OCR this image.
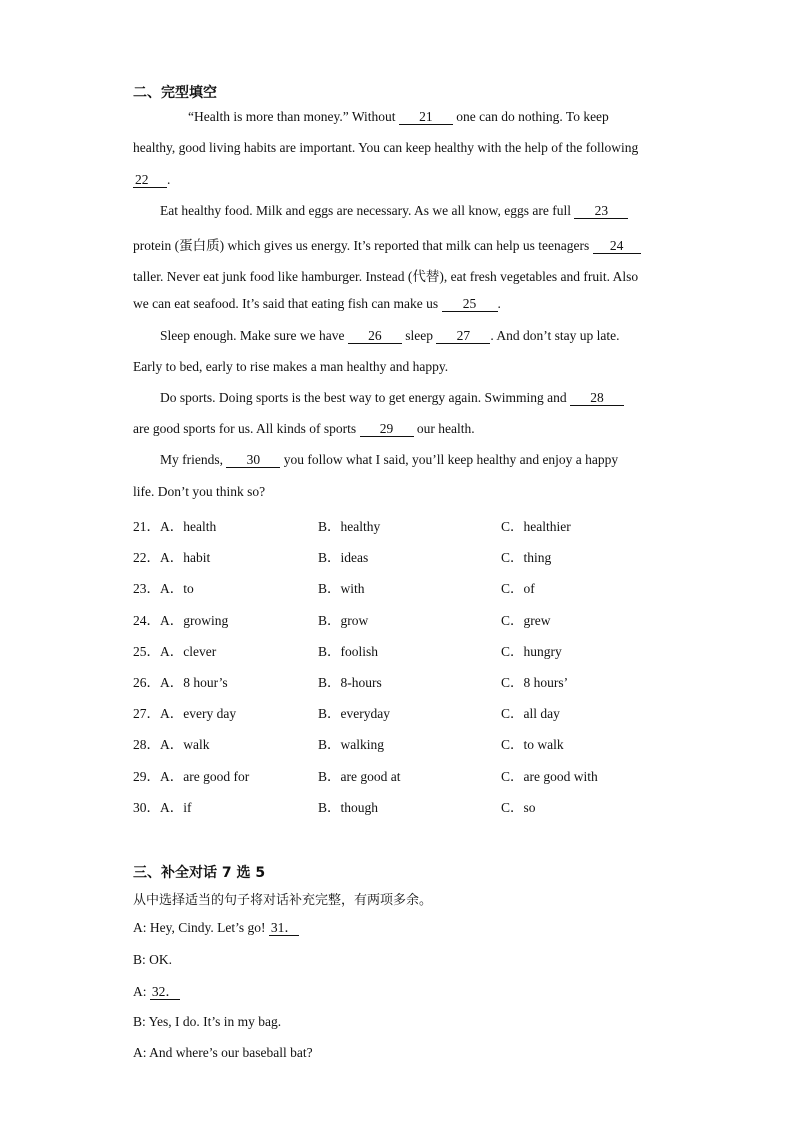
二、完型填空
“Health is more than money.” Without 21 one can do nothing. To keep
healthy, good living habits are important. You can keep healthy with the help of the following
22 .
Eat healthy food. Milk and eggs are necessary. As we all know, eggs are full 23
protein (蛋白质) which gives us energy. It’s reported that milk can help us teenagers 24
taller. Never eat junk food like hamburger. Instead (代替), eat fresh vegetables and fruit. Also
we can eat seafood. It’s said that eating fish can make us 25 .
Sleep enough. Make sure we have 26 sleep 27 . And don’t stay up late.
Early to bed, early to rise makes a man healthy and happy.
Do sports. Doing sports is the best way to get energy again. Swimming and 28
are good sports for us. All kinds of sports 29 our health.
My friends, 30 you follow what I said, you’ll keep healthy and enjoy a happy
life. Don’t you think so?
21． A．health	B．healthy	C．healthier
22． A．habit	B．ideas	C．thing
23． A．to	B．with	C．of
24． A．growing	B．grow	C．grew
25． A．clever	B．foolish	C．hungry
26． A．8 hour’s	B．8-hours	C．8 hours’
27． A．every day	B．everyday	C．all day
28． A．walk	B．walking	C．to walk
29． A．are good for	B．are good at	C．are good with
30． A．if	B．though	C．so
三、补全对话 7 选 5
从中选择适当的句子将对话补充完整，有两项多余。
A: Hey, Cindy. Let’s go! 31．
B: OK.
A: 32．
B: Yes, I do. It’s in my bag.
A: And where’s our baseball bat?
